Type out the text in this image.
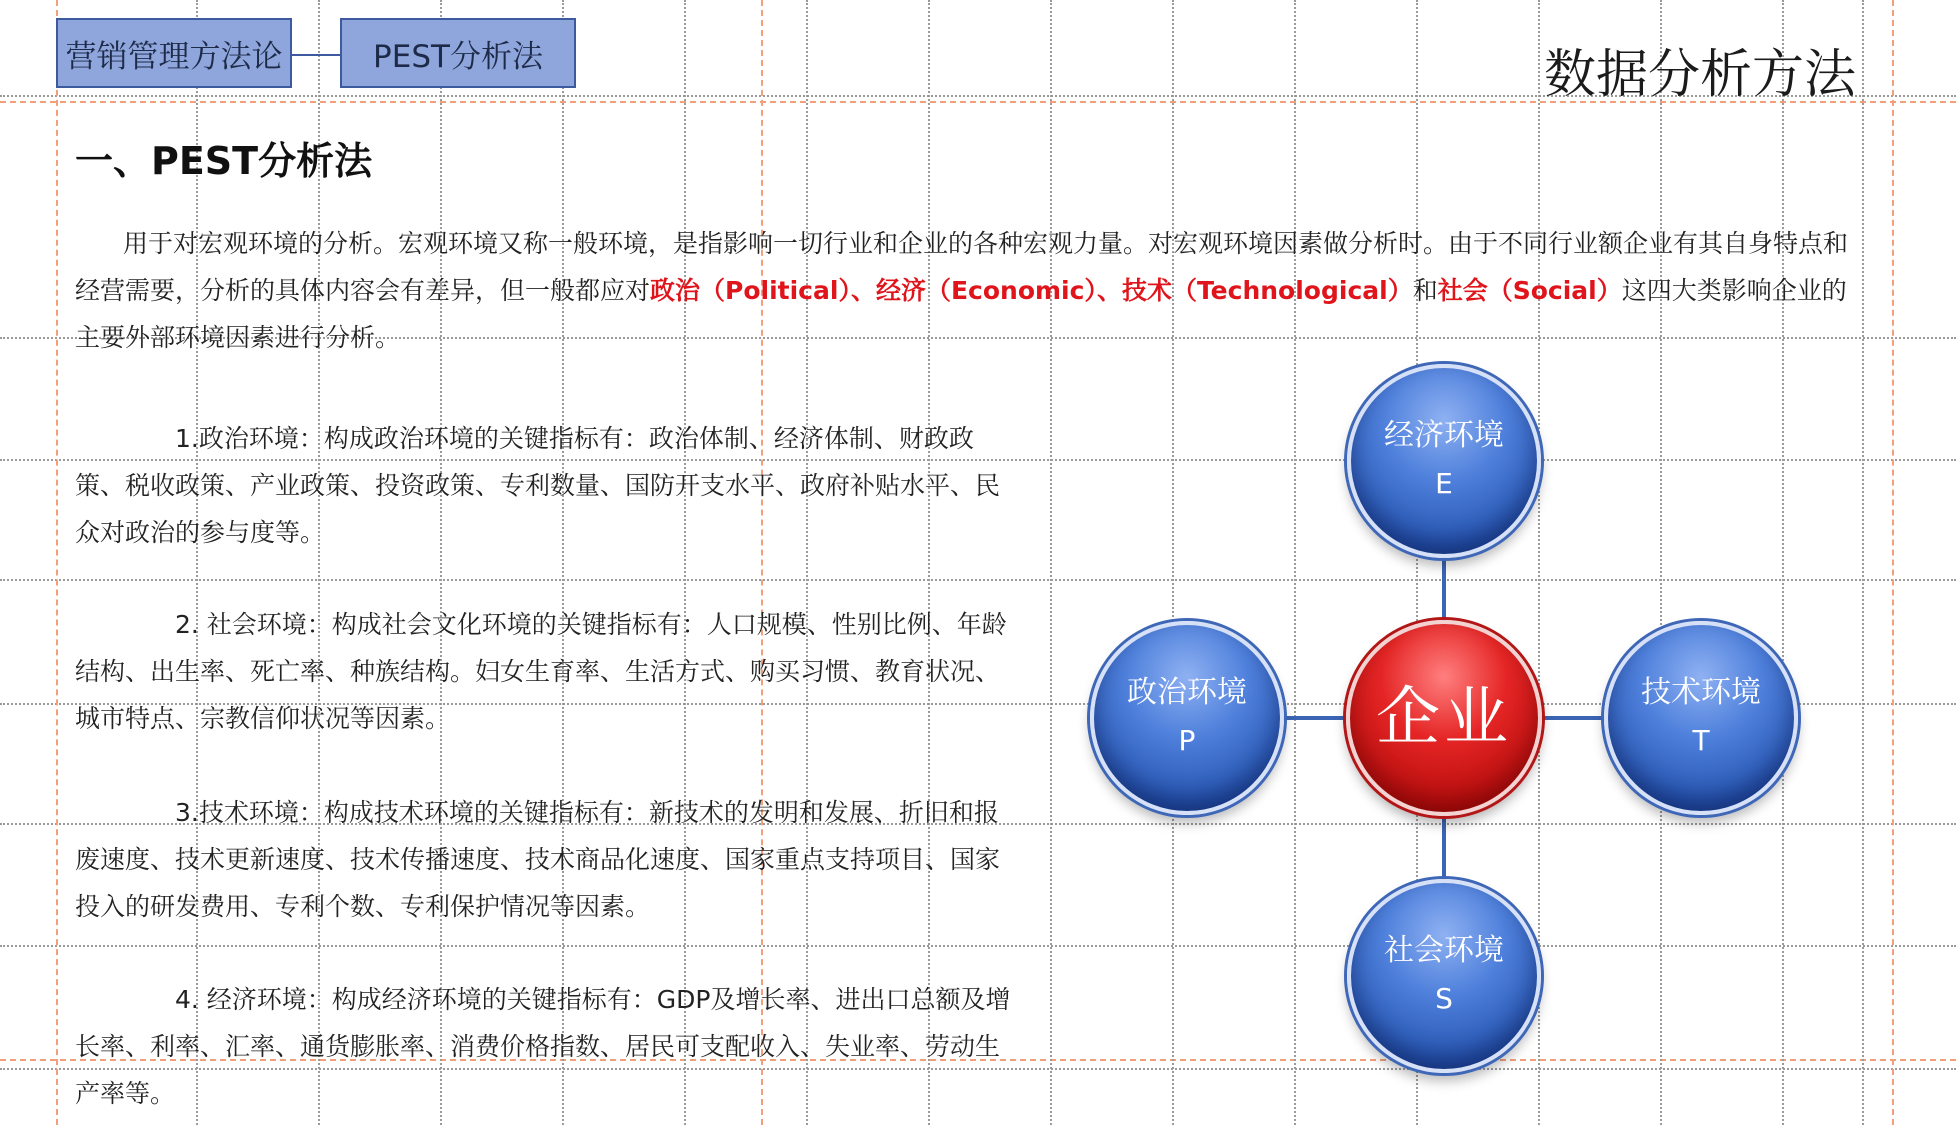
营销管理方法论	PEST分析法	数据分析方法
一、PEST分析法
用于对宏观环境的分析。宏观环境又称一般环境，是指影响一切行业和企业的各种宏观力量。对宏观环境因素做分析时。由于不同行业额企业有其自身特点和经营需要，分析的具体内容会有差异，但一般都应对政治（Political）、经济（Economic）、技术（Technological）和社会（Social）这四大类影响企业的主要外部环境因素进行分析。
1.政治环境：构成政治环境的关键指标有：政治体制、经济体制、财政政策、税收政策、产业政策、投资政策、专利数量、国防开支水平、政府补贴水平、民众对政治的参与度等。
2. 社会环境：构成社会文化环境的关键指标有：人口规模、性别比例、年龄结构、出生率、死亡率、种族结构。妇女生育率、生活方式、购买习惯、教育状况、城市特点、宗教信仰状况等因素。
3.技术环境：构成技术环境的关键指标有：新技术的发明和发展、折旧和报废速度、技术更新速度、技术传播速度、技术商品化速度、国家重点支持项目、国家投入的研发费用、专利个数、专利保护情况等因素。
4. 经济环境：构成经济环境的关键指标有：GDP及增长率、进出口总额及增长率、利率、汇率、通货膨胀率、消费价格指数、居民可支配收入、失业率、劳动生产率等。
经济环境
E
政治环境
P	企业	技术环境
T
社会环境
S
